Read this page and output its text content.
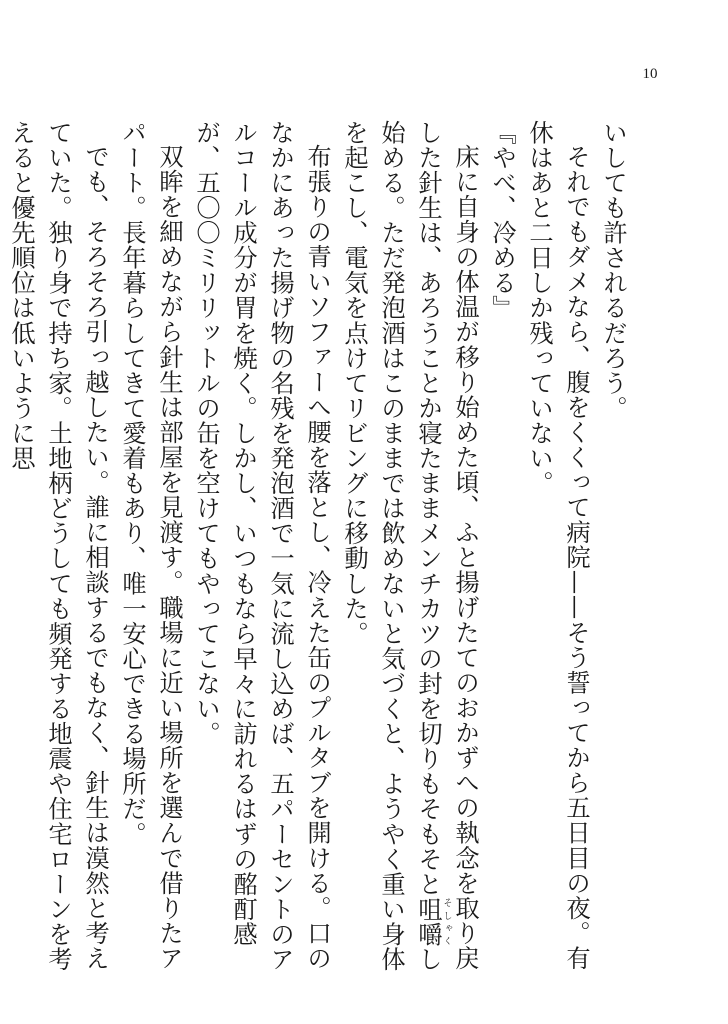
10

いしても許されるだろう。

それでもダメなら、腹をくくって病院——そう誓ってから五日目の夜。有休はあと二日しか残っていない。

『やべ、冷める』

床に自身の体温が移り始めた頃、ふと揚げたてのおかずへの執念を取り戻した針生は、あろうことか寝たままメンチカツの封を切りもそもそと咀嚼そしゃくし始める。ただ発泡酒はこのままでは飲めないと気づくと、ようやく重い身体を起こし、電気を点けてリビングに移動した。

布張りの青いソファーへ腰を落とし、冷えた缶のプルタブを開ける。口のなかにあった揚げ物の名残を発泡酒で一気に流し込めば、五パーセントのアルコール成分が胃を焼く。しかし、いつもなら早々に訪れるはずの酩酊感が、五〇〇ミリリットルの缶を空けてもやってこない。

双眸を細めながら針生は部屋を見渡す。職場に近い場所を選んで借りたアパート。長年暮らしてきて愛着もあり、唯一安心できる場所だ。

でも、そろそろ引っ越したい。誰に相談するでもなく、針生は漠然と考えていた。独り身で持ち家。土地柄どうしても頻発する地震や住宅ローンを考えると優先順位は低いように思
